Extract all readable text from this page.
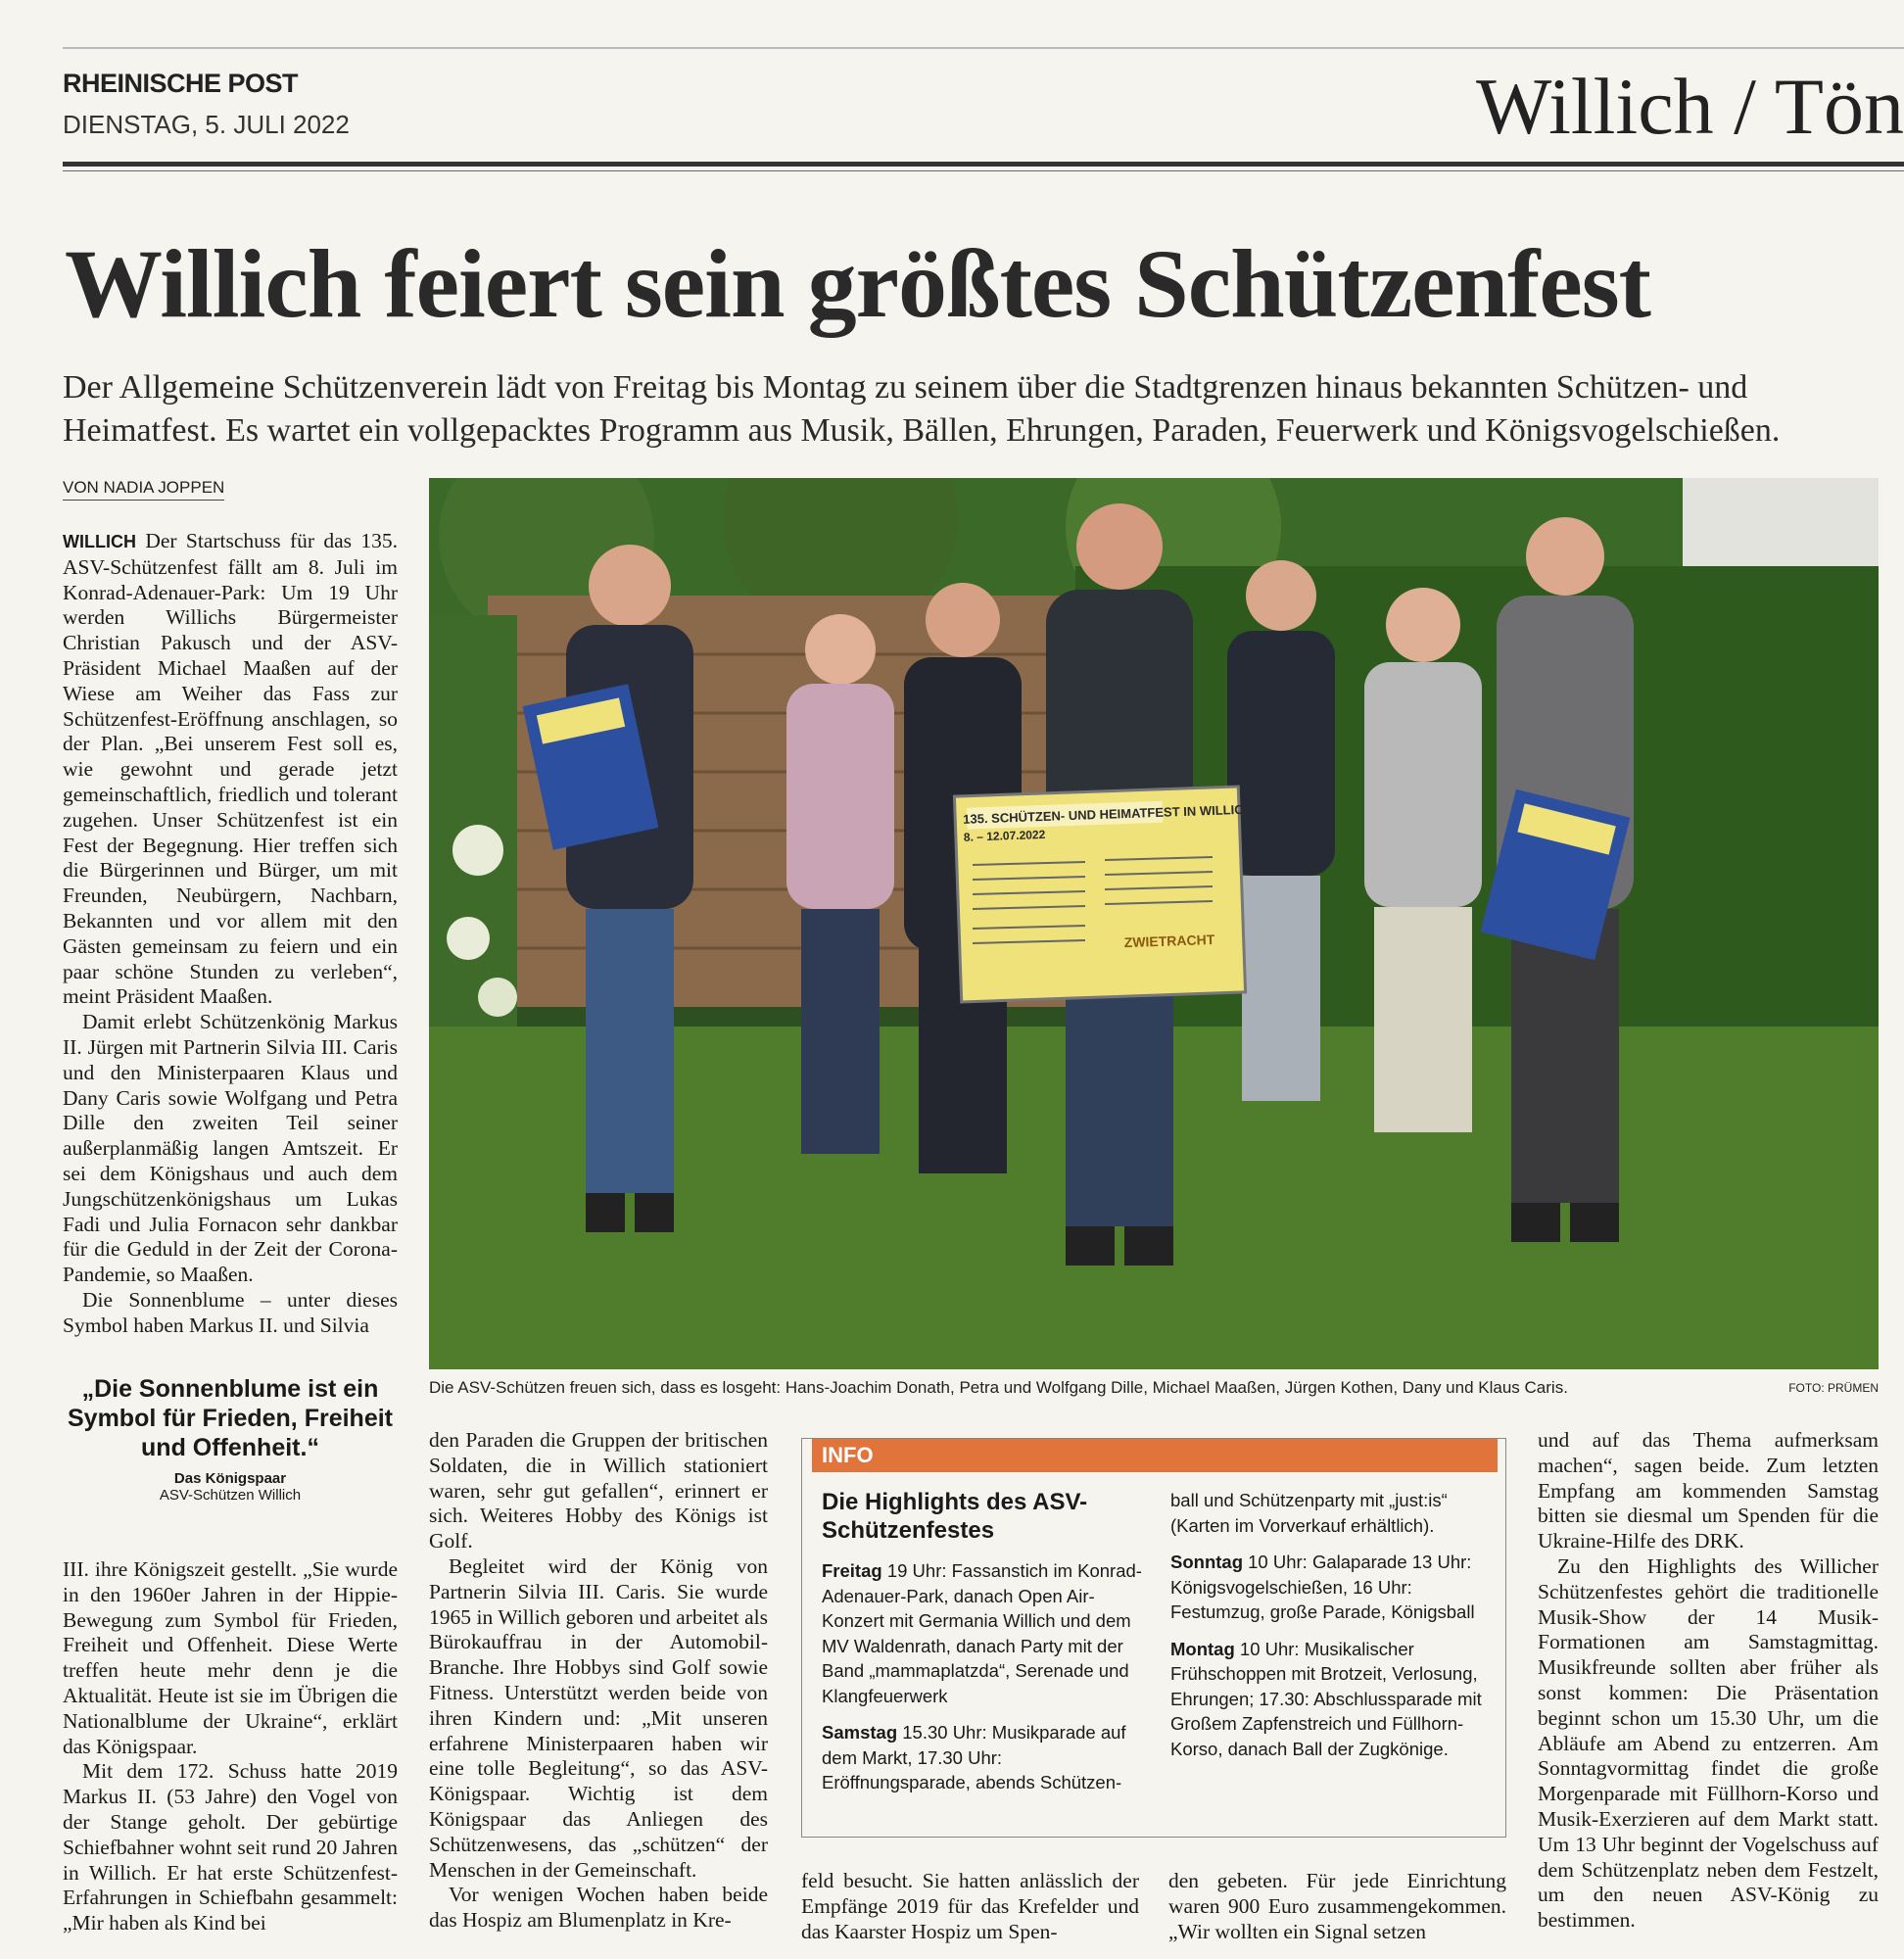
RHEINISCHE POST
DIENSTAG, 5. JULI 2022	Willich / Tön
Willich feiert sein größtes Schützenfest
Der Allgemeine Schützenverein lädt von Freitag bis Montag zu seinem über die Stadtgrenzen hinaus bekannten Schützen- und Heimatfest. Es wartet ein vollgepacktes Programm aus Musik, Bällen, Ehrungen, Paraden, Feuerwerk und Königsvogelschießen.
VON NADIA JOPPEN

WILLICH Der Startschuss für das 135. ASV-Schützenfest fällt am 8. Juli im Konrad-Adenauer-Park: Um 19 Uhr werden Willichs Bürgermeister Christian Pakusch und der ASV-Präsident Michael Maaßen auf der Wiese am Weiher das Fass zur Schützenfest-Eröffnung anschlagen, so der Plan. „Bei unserem Fest soll es, wie gewohnt und gerade jetzt gemeinschaftlich, friedlich und tolerant zugehen. Unser Schützenfest ist ein Fest der Begegnung. Hier treffen sich die Bürgerinnen und Bürger, um mit Freunden, Neubürgern, Nachbarn, Bekannten und vor allem mit den Gästen gemeinsam zu feiern und ein paar schöne Stunden zu verleben“, meint Präsident Maaßen.

Damit erlebt Schützenkönig Markus II. Jürgen mit Partnerin Silvia III. Caris und den Ministerpaaren Klaus und Dany Caris sowie Wolfgang und Petra Dille den zweiten Teil seiner außerplanmäßig langen Amtszeit. Er sei dem Königshaus und auch dem Jungschützenkönigshaus um Lukas Fadi und Julia Fornacon sehr dankbar für die Geduld in der Zeit der Corona-Pandemie, so Maaßen.

Die Sonnenblume – unter dieses Symbol haben Markus II. und Silvia

„Die Sonnenblume ist ein Symbol für Frieden, Freiheit und Offenheit.“
Das Königspaar
ASV-Schützen Willich

III. ihre Königszeit gestellt. „Sie wurde in den 1960er Jahren in der Hippie-Bewegung zum Symbol für Frieden, Freiheit und Offenheit. Diese Werte treffen heute mehr denn je die Aktualität. Heute ist sie im Übrigen die Nationalblume der Ukraine“, erklärt das Königspaar.

Mit dem 172. Schuss hatte 2019 Markus II. (53 Jahre) den Vogel von der Stange geholt. Der gebürtige Schiefbahner wohnt seit rund 20 Jahren in Willich. Er hat erste Schützenfest-Erfahrungen in Schiefbahn gesammelt: „Mir haben als Kind bei

135. SCHÜTZEN- UND HEIMATFEST IN WILLICH
8. – 12.07.2022
ZWIETRACHT
Die ASV-Schützen freuen sich, dass es losgeht: Hans-Joachim Donath, Petra und Wolfgang Dille, Michael Maaßen, Jürgen Kothen, Dany und Klaus Caris.	FOTO: PRÜMEN

den Paraden die Gruppen der britischen Soldaten, die in Willich stationiert waren, sehr gut gefallen“, erinnert er sich. Weiteres Hobby des Königs ist Golf.

Begleitet wird der König von Partnerin Silvia III. Caris. Sie wurde 1965 in Willich geboren und arbeitet als Bürokauffrau in der Automobil-Branche. Ihre Hobbys sind Golf sowie Fitness. Unterstützt werden beide von ihren Kindern und: „Mit unseren erfahrene Ministerpaaren haben wir eine tolle Begleitung“, so das ASV-Königspaar. Wichtig ist dem Königspaar das Anliegen des Schützenwesens, das „schützen“ der Menschen in der Gemeinschaft.

Vor wenigen Wochen haben beide das Hospiz am Blumenplatz in Kre-

INFO
Die Highlights des ASV-Schützenfestes

Freitag 19 Uhr: Fassanstich im Konrad-Adenauer-Park, danach Open Air-Konzert mit Germania Willich und dem MV Waldenrath, danach Party mit der Band „mammaplatzda“, Serenade und Klangfeuerwerk

Samstag 15.30 Uhr: Musikparade auf dem Markt, 17.30 Uhr: Eröffnungsparade, abends Schützen-

ball und Schützenparty mit „just:is“ (Karten im Vorverkauf erhältlich).

Sonntag 10 Uhr: Galaparade 13 Uhr: Königsvogelschießen, 16 Uhr: Festumzug, große Parade, Königsball

Montag 10 Uhr: Musikalischer Frühschoppen mit Brotzeit, Verlosung, Ehrungen; 17.30: Abschlussparade mit Großem Zapfenstreich und Füllhorn-Korso, danach Ball der Zugkönige.

feld besucht. Sie hatten anlässlich der Empfänge 2019 für das Krefelder und das Kaarster Hospiz um Spen-

den gebeten. Für jede Einrichtung waren 900 Euro zusammengekommen. „Wir wollten ein Signal setzen

und auf das Thema aufmerksam machen“, sagen beide. Zum letzten Empfang am kommenden Samstag bitten sie diesmal um Spenden für die Ukraine-Hilfe des DRK.

Zu den Highlights des Willicher Schützenfestes gehört die traditionelle Musik-Show der 14 Musik-Formationen am Samstagmittag. Musikfreunde sollten aber früher als sonst kommen: Die Präsentation beginnt schon um 15.30 Uhr, um die Abläufe am Abend zu entzerren. Am Sonntagvormittag findet die große Morgenparade mit Füllhorn-Korso und Musik-Exerzieren auf dem Markt statt. Um 13 Uhr beginnt der Vogelschuss auf dem Schützenplatz neben dem Festzelt, um den neuen ASV-König zu bestimmen.
